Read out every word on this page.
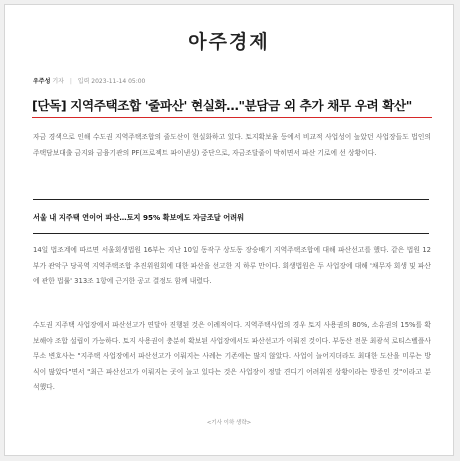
아주경제
우주성 기자 | 입력 2023-11-14 05:00
[단독] 지역주택조합 '줄파산' 현실화…"분담금 외 추가 채무 우려 확산"

자금 경색으로 인해 수도권 지역주택조합의 줄도산이 현실화하고 있다. 토지확보율 등에서 비교적 사업성이 높았던 사업장들도 법인의 주택담보대출 금지와 금융기관의 PF(프로젝트 파이낸싱) 중단으로, 자금조달줄이 막히면서 파산 기로에 선 상황이다.

서울 내 지주택 연이어 파산…토지 95% 확보에도 자금조달 어려워

14일 법조계에 따르면 서울회생법원 16부는 지난 10일 동작구 상도동 장승배기 지역주택조합에 대해 파산선고를 했다. 같은 법원 12부가 관악구 당곡역 지역주택조합 추진위원회에 대한 파산을 선고한 지 하루 만이다. 회생법원은 두 사업장에 대해 '채무자 회생 및 파산에 관한 법률' 313조 1항에 근거한 공고 결정도 함께 내렸다.

수도권 지주택 사업장에서 파산선고가 연달아 진행된 것은 이례적이다. 지역주택사업의 경우 토지 사용권의 80%, 소유권의 15%를 확보해야 조합 설립이 가능하다. 토지 사용권이 충분히 확보된 사업장에서도 파산선고가 이뤄진 것이다. 부동산 전문 최광석 로티스벨플사무소 변호사는 "지주택 사업장에서 파산선고가 이뤄지는 사례는 기존에는 많지 않았다. 사업이 늘어지더라도 최대한 도산을 미루는 방식이 많았다"면서 "최근 파산선고가 이뤄지는 곳이 늘고 있다는 것은 사업장이 정말 견디기 어려워진 상황이라는 방증인 것"이라고 분석했다.

<기사 이하 생략>
